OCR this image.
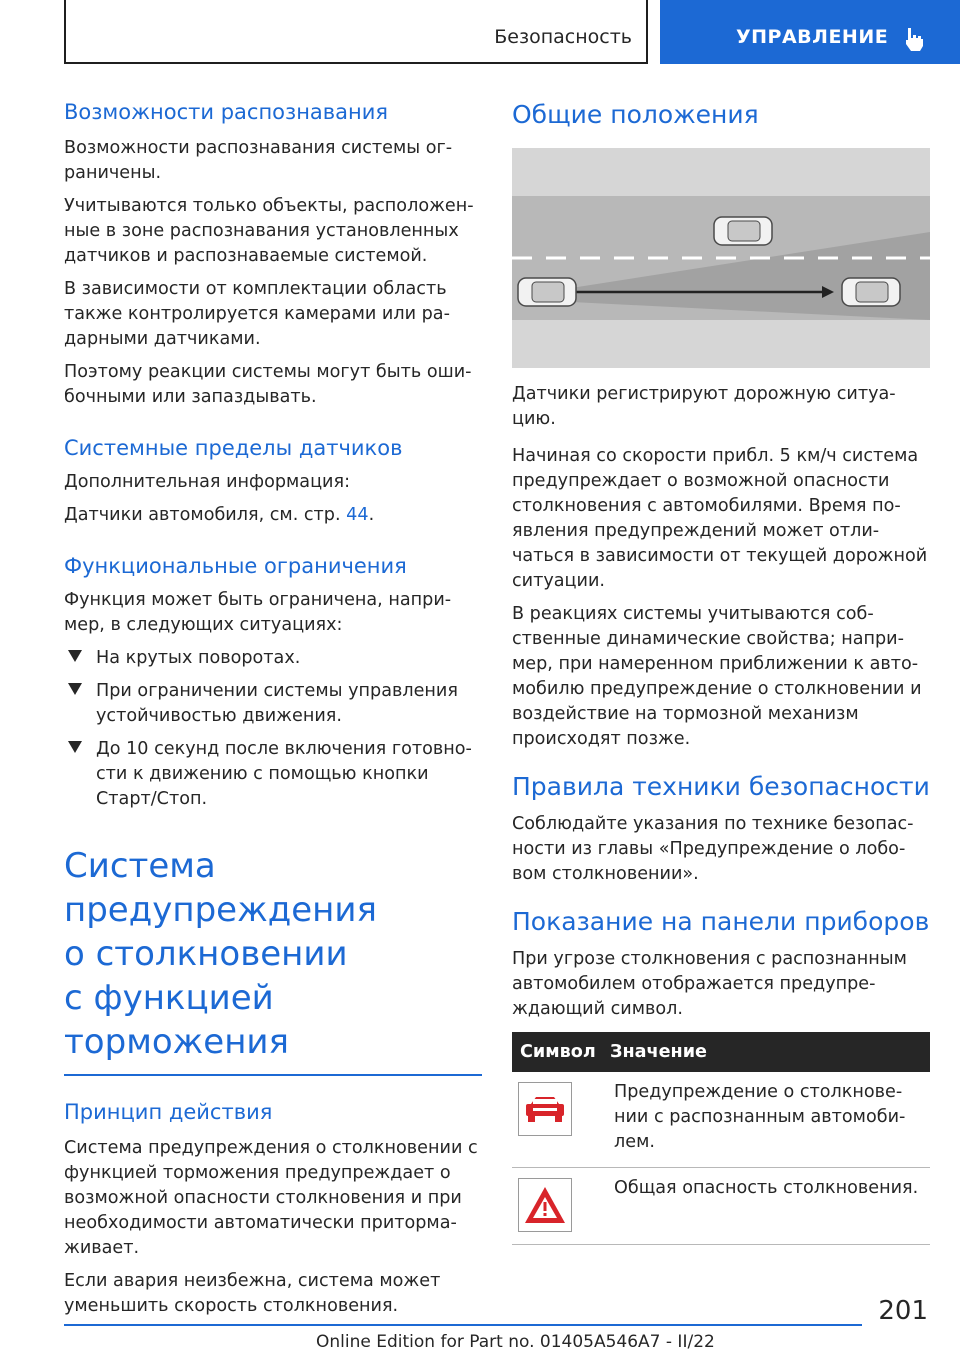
Безопасность	УПРАВЛЕНИЕ
Возможности распознавания

Возможности распознавания системы ог- раничены.

Учитываются только объекты, расположен- ные в зоне распознавания установленных датчиков и распознаваемые системой.

В зависимости от комплектации область также контролируется камерами или ра- дарными датчиками.

Поэтому реакции системы могут быть оши- бочными или запаздывать.

Системные пределы датчиков

Дополнительная информация:

Датчики автомобиля, см. стр. 44.

Функциональные ограничения

Функция может быть ограничена, напри- мер, в следующих ситуациях:

На крутых поворотах.
При ограничении системы управления устойчивостью движения.
До 10 секунд после включения готовно- сти к движению с помощью кнопки Старт/Стоп.
Система предупреждения
о столкновении
с функцией торможения
Принцип действия

Система предупреждения о столкновении с функцией торможения предупреждает о возможной опасности столкновения и при необходимости автоматически приторма- живает.

Если авария неизбежна, система может уменьшить скорость столкновения.

Общие положения

Датчики регистрируют дорожную ситуа- цию.

Начиная со скорости прибл. 5 км/ч система предупреждает о возможной опасности столкновения с автомобилями. Время по- явления предупреждений может отли- чаться в зависимости от текущей дорожной ситуации.

В реакциях системы учитываются соб- ственные динамические свойства; напри- мер, при намеренном приближении к авто- мобилю предупреждение о столкновении и воздействие на тормозной механизм происходят позже.

Правила техники безопасности

Соблюдайте указания по технике безопас- ности из главы «Предупреждение о лобо- вом столкновении».

Показание на панели приборов

При угрозе столкновения с распознанным автомобилем отображается предупре- ждающий символ.

Символ	Значение

	Предупреждение о столкнове- нии с распознанным автомоби- лем.

	Общая опасность столкновения.
201
Online Edition for Part no. 01405A546A7 - II/22
